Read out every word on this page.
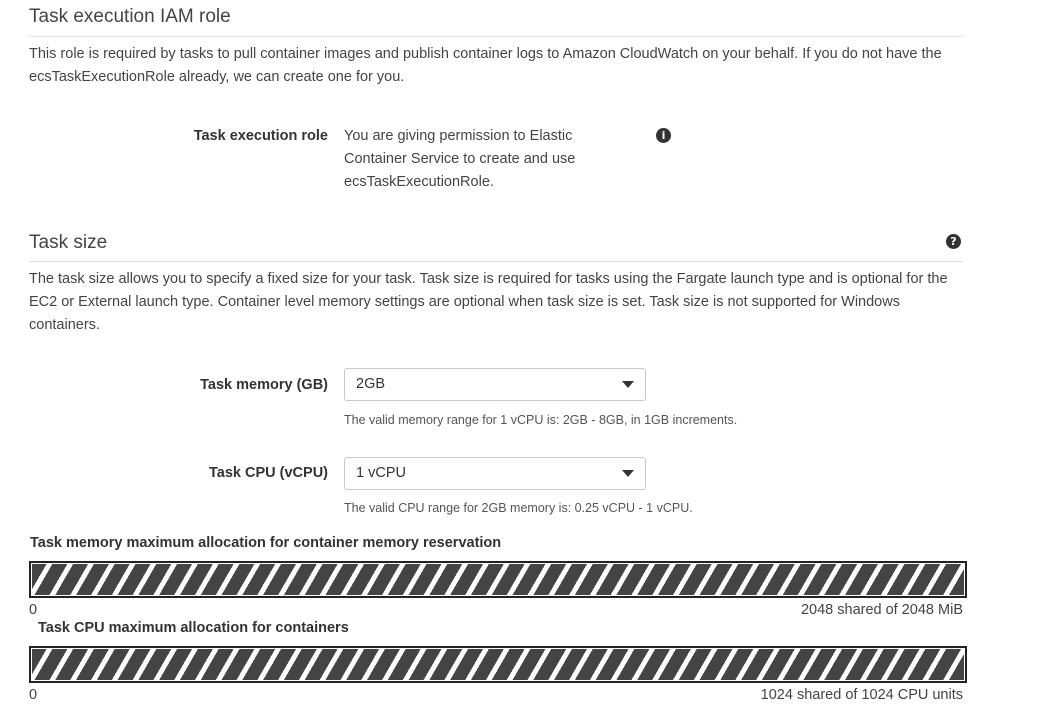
Task execution IAM role
This role is required by tasks to pull container images and publish container logs to Amazon CloudWatch on your behalf. If you do not have the ecsTaskExecutionRole already, we can create one for you.
Task execution role You are giving permission to Elastic Container Service to create and use ecsTaskExecutionRole.
i
Task size	?
The task size allows you to specify a fixed size for your task. Task size is required for tasks using the Fargate launch type and is optional for the EC2 or External launch type. Container level memory settings are optional when task size is set. Task size is not supported for Windows containers.
Task memory (GB) 2GB
The valid memory range for 1 vCPU is: 2GB - 8GB, in 1GB increments.
Task CPU (vCPU) 1 vCPU
The valid CPU range for 2GB memory is: 0.25 vCPU - 1 vCPU.
Task memory maximum allocation for container memory reservation
0	2048 shared of 2048 MiB
Task CPU maximum allocation for containers
0	1024 shared of 1024 CPU units
